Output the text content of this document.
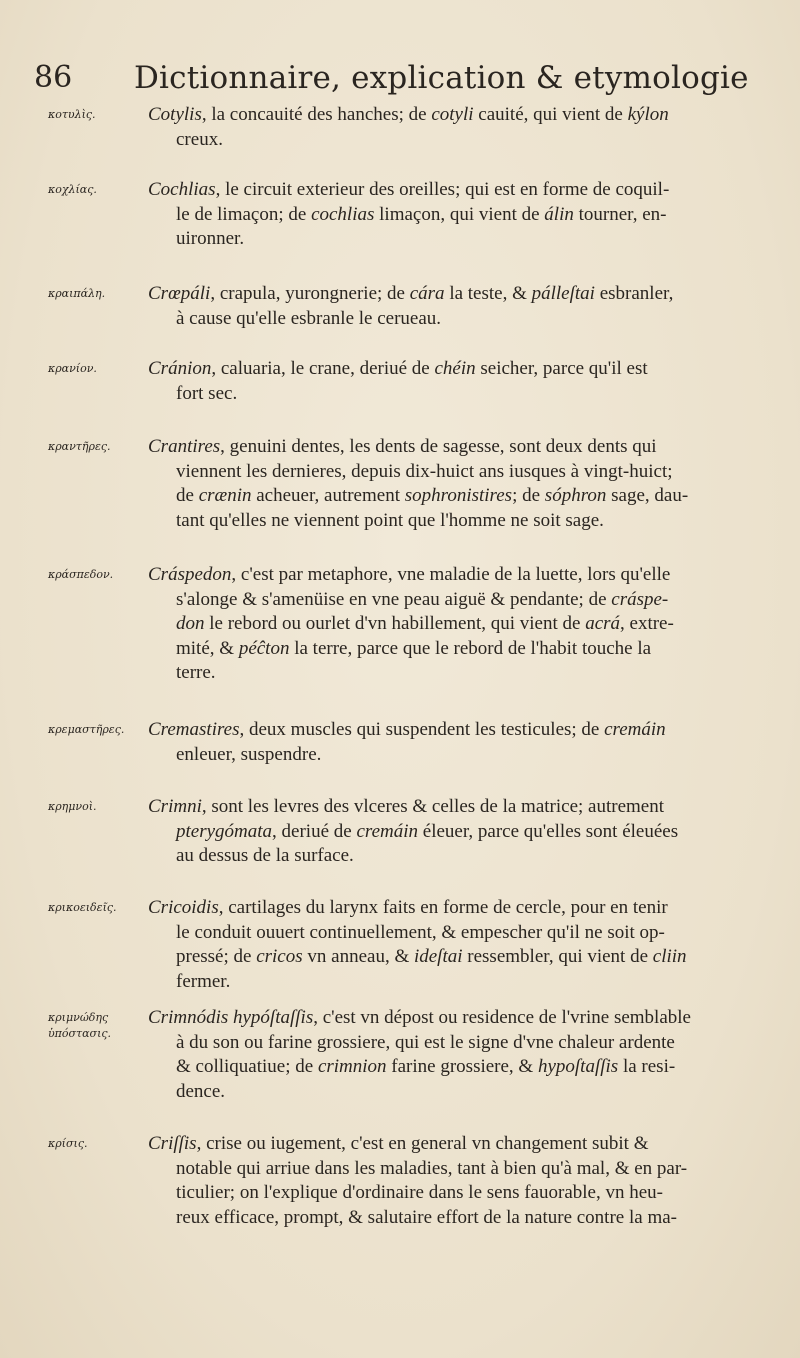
86 Dictionnaire, explication & etymologie
κοτυλὶς.	Cotylis, la concauité des hanches; de cotyli cauité, qui vient de kýlon
creux.
κοχλίας.	Cochlias, le circuit exterieur des oreilles; qui est en forme de coquil-
le de limaçon; de cochlias limaçon, qui vient de álin tourner, en-
uironner.
κραιπάλη.	Crœpáli, crapula, yurongnerie; de cára la teste, & pálleſtai esbranler,
à cause qu'elle esbranle le cerueau.
κρανίον.	Cránion, caluaria, le crane, deriué de chéin seicher, parce qu'il est
fort sec.
κραντῆρες.	Crantires, genuini dentes, les dents de sagesse, sont deux dents qui
viennent les dernieres, depuis dix-huict ans iusques à vingt-huict;
de crænin acheuer, autrement sophronistires; de sóphron sage, dau-
tant qu'elles ne viennent point que l'homme ne soit sage.
κράσπεδον.	Cráspedon, c'est par metaphore, vne maladie de la luette, lors qu'elle
s'alonge & s'amenüise en vne peau aiguë & pendante; de cráspe-
don le rebord ou ourlet d'vn habillement, qui vient de acrá, extre-
mité, & péĉton la terre, parce que le rebord de l'habit touche la
terre.
κρεμαστῆρες.	Cremastires, deux muscles qui suspendent les testicules; de cremáin
enleuer, suspendre.
κρημνοὶ.	Crimni, sont les levres des vlceres & celles de la matrice; autrement
pterygómata, deriué de cremáin éleuer, parce qu'elles sont éleuées
au dessus de la surface.
κρικοειδεῖς.	Cricoidis, cartilages du larynx faits en forme de cercle, pour en tenir
le conduit ouuert continuellement, & empescher qu'il ne soit op-
pressé; de cricos vn anneau, & ideſtai ressembler, qui vient de cliin
fermer.
κριμνώδης ὑπόστασις.
Crimnódis hypóſtaſſis, c'est vn dépost ou residence de l'vrine semblable
à du son ou farine grossiere, qui est le signe d'vne chaleur ardente
& colliquatiue; de crimnion farine grossiere, & hypoſtaſſis la resi-
dence.
κρίσις.	Criſſis, crise ou iugement, c'est en general vn changement subit &
notable qui arriue dans les maladies, tant à bien qu'à mal, & en par-
ticulier; on l'explique d'ordinaire dans le sens fauorable, vn heu-
reux efficace, prompt, & salutaire effort de la nature contre la ma-
